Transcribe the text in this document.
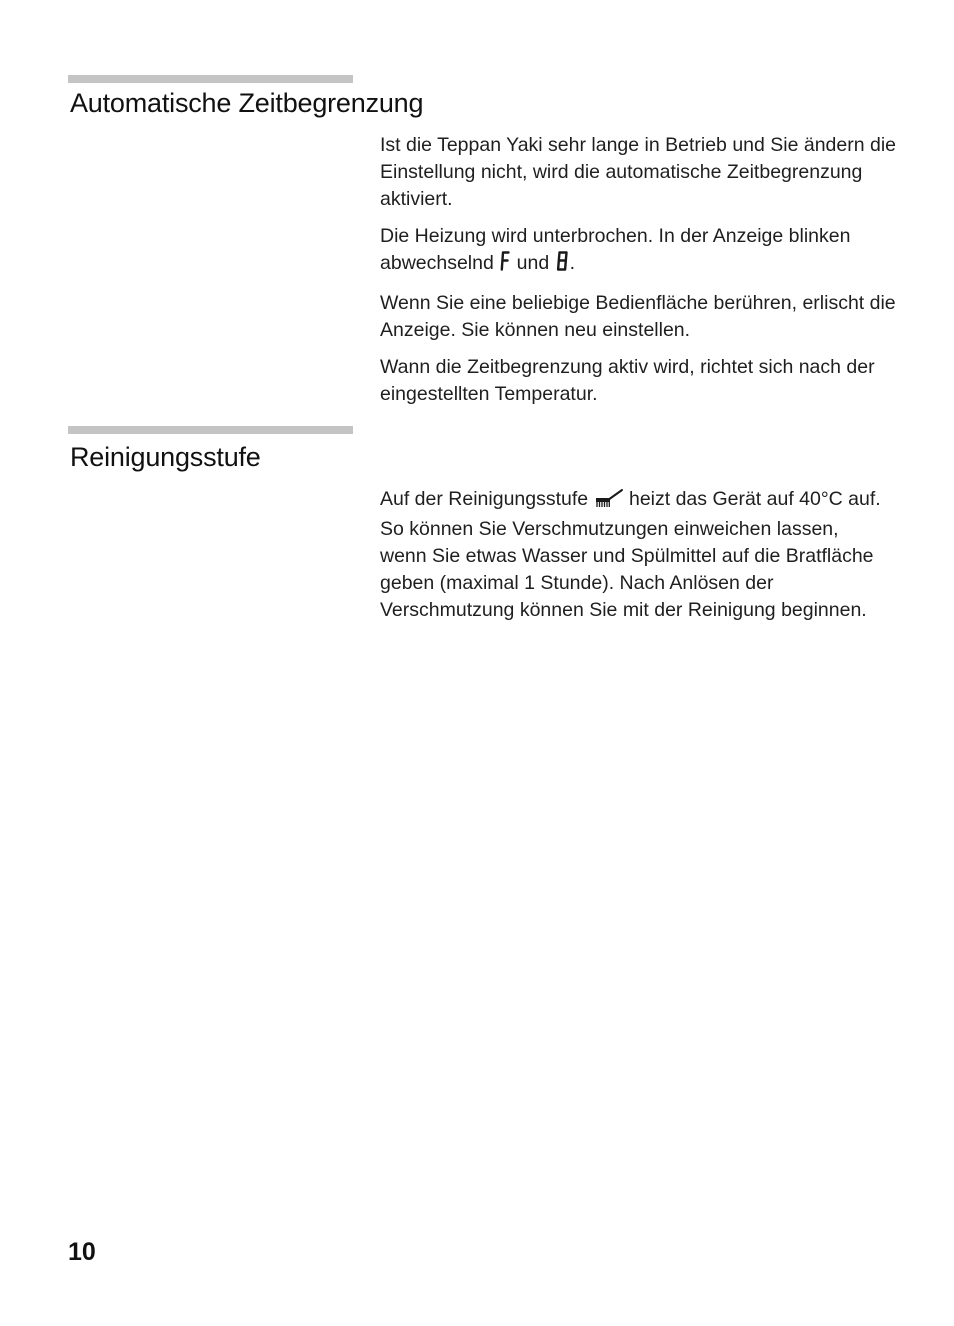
Automatische Zeitbegrenzung

Ist die Teppan Yaki sehr lange in Betrieb und Sie ändern die Einstellung nicht, wird die automatische Zeitbegrenzung aktiviert.

Die Heizung wird unterbrochen. In der Anzeige blinken abwechselnd  und .

Wenn Sie eine beliebige Bedienfläche berühren, erlischt die Anzeige. Sie können neu einstellen.

Wann die Zeitbegrenzung aktiv wird, richtet sich nach der eingestellten Temperatur.

Reinigungsstufe

Auf der Reinigungsstufe  heizt das Gerät auf 40°C auf. So können Sie Verschmutzungen einweichen lassen, wenn Sie etwas Wasser und Spülmittel auf die Bratfläche geben (maximal 1 Stunde). Nach Anlösen der Verschmutzung können Sie mit der Reinigung beginnen.

10
